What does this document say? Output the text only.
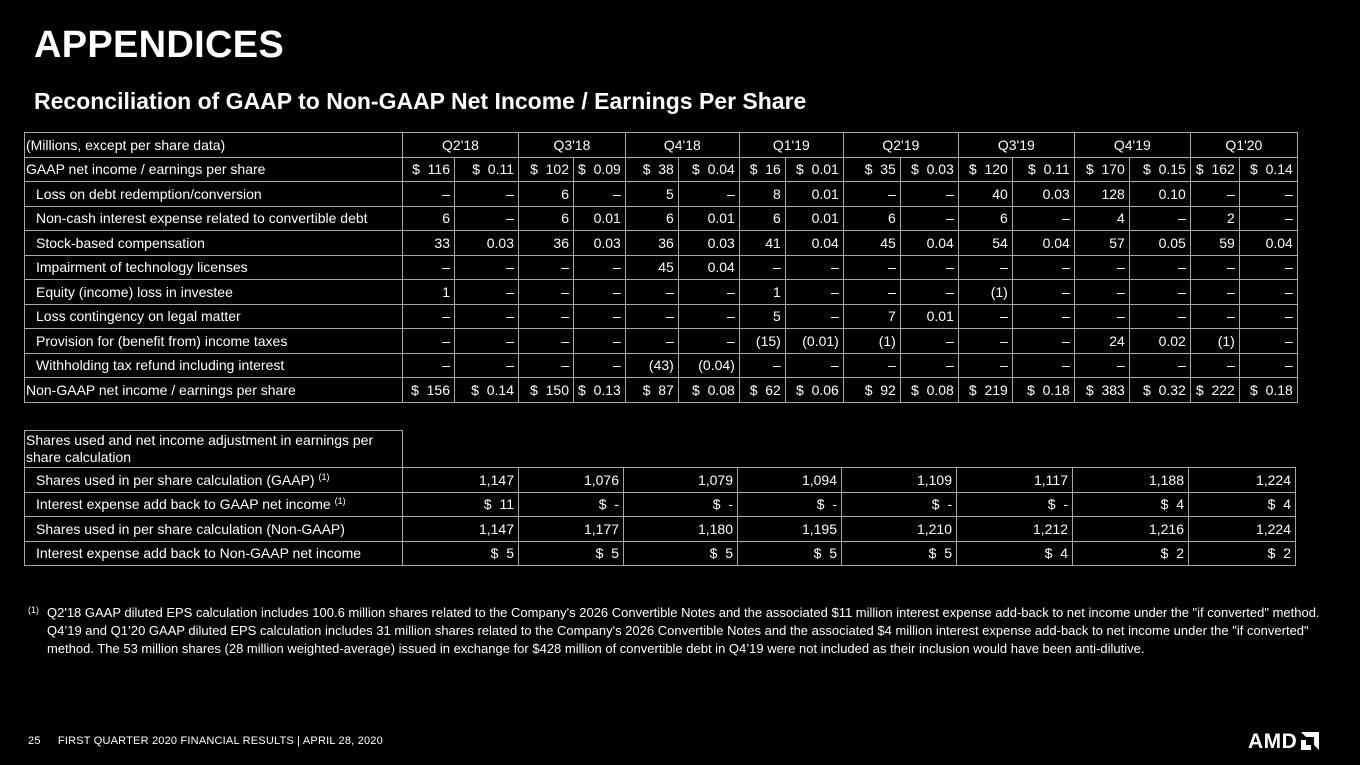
APPENDICES
Reconciliation of GAAP to Non-GAAP Net Income / Earnings Per Share
(Millions, except per share data)	Q2'18		Q3'18		Q4'18		Q1'19		Q2'19		Q3'19		Q4'19		Q1'20	
GAAP net income / earnings per share	$  116	$  0.11	$  102	$  0.09	$  38	$  0.04	$  16	$  0.01	$  35	$  0.03	$  120	$  0.11	$  170	$  0.15	$  162	$  0.14
Loss on debt redemption/conversion	–	–	6	–	5	–	8	0.01	–	–	40	0.03	128	0.10	–	–
Non-cash interest expense related to convertible debt	6	–	6	0.01	6	0.01	6	0.01	6	–	6	–	4	–	2	–
Stock-based compensation	33	0.03	36	0.03	36	0.03	41	0.04	45	0.04	54	0.04	57	0.05	59	0.04
Impairment of technology licenses	–	–	–	–	45	0.04	–	–	–	–	–	–	–	–	–	–
Equity (income) loss in investee	1	–	–	–	–	–	1	–	–	–	(1)	–	–	–	–	–
Loss contingency on legal matter	–	–	–	–	–	–	5	–	7	0.01	–	–	–	–	–	–
Provision for (benefit from) income taxes	–	–	–	–	–	–	(15)	(0.01)	(1)	–	–	–	24	0.02	(1)	–
Withholding tax refund including interest	–	–	–	–	(43)	(0.04)	–	–	–	–	–	–	–	–	–	–
Non-GAAP net income / earnings per share	$  156	$  0.14	$  150	$  0.13	$  87	$  0.08	$  62	$  0.06	$  92	$  0.08	$  219	$  0.18	$  383	$  0.32	$  222	$  0.18
Shares used and net income adjustment in earnings per share calculation								
Shares used in per share calculation (GAAP) $^{(1)}$	1,147	1,076	1,079	1,094	1,109	1,117	1,188	1,224
Interest expense add back to GAAP net income $^{(1)}$	$  11	$  -	$  -	$  -	$  -	$  -	$  4	$  4
Shares used in per share calculation (Non-GAAP)	1,147	1,177	1,180	1,195	1,210	1,212	1,216	1,224
Interest expense add back to Non-GAAP net income	$  5	$  5	$  5	$  5	$  5	$  4	$  2	$  2
(1) Q2'18 GAAP diluted EPS calculation includes 100.6 million shares related to the Company's 2026 Convertible Notes and the associated $11 million interest expense add-back to net income under the "if converted" method. Q4’19 and Q1’20 GAAP diluted EPS calculation includes 31 million shares related to the Company's 2026 Convertible Notes and the associated $4 million interest expense add-back to net income under the "if converted" method. The 53 million shares (28 million weighted-average) issued in exchange for $428 million of convertible debt in Q4’19 were not included as their inclusion would have been anti-dilutive.
25 FIRST QUARTER 2020 FINANCIAL RESULTS | APRIL 28, 2020	AMD
